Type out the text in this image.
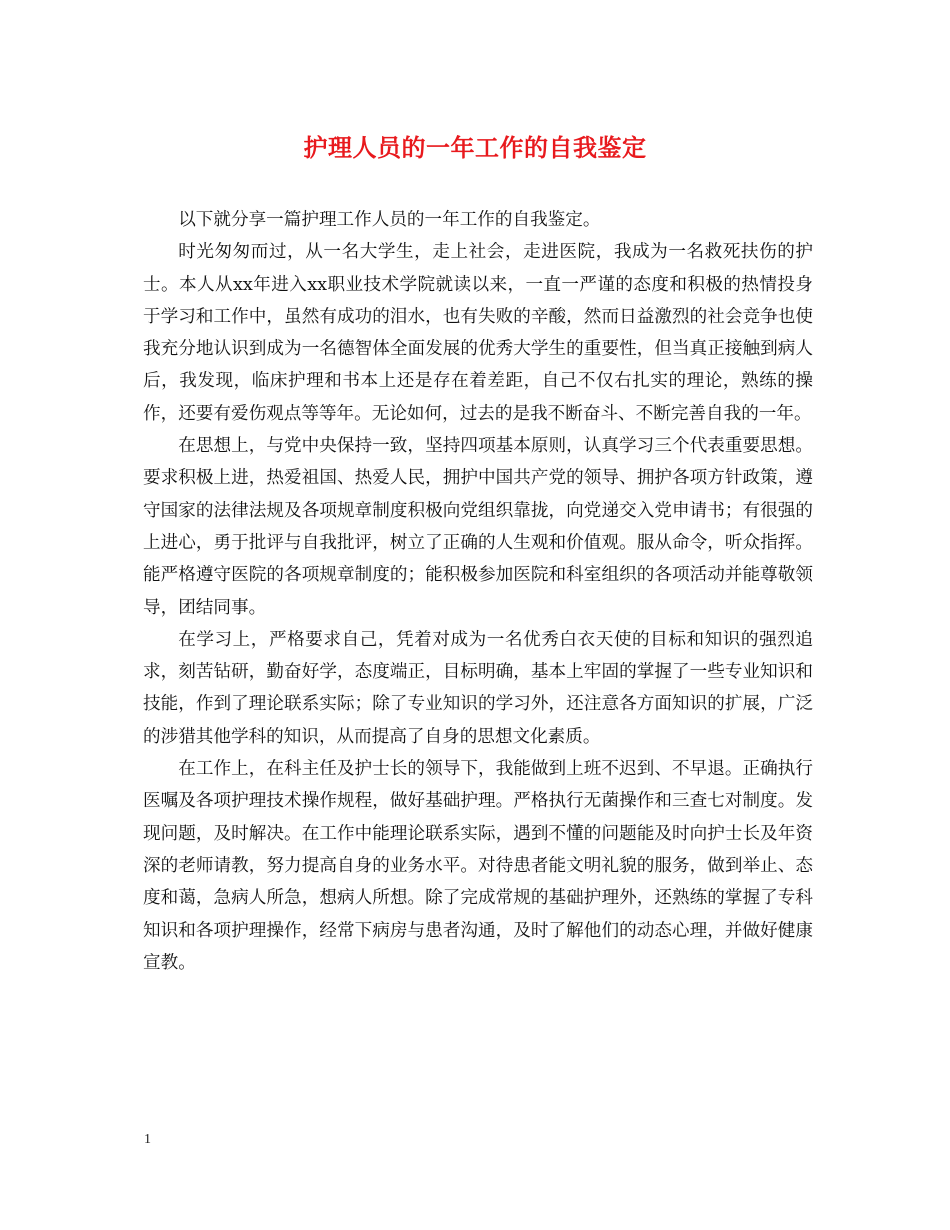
护理人员的一年工作的自我鉴定

以下就分享一篇护理工作人员的一年工作的自我鉴定。

时光匆匆而过，从一名大学生，走上社会，走进医院，我成为一名救死扶伤的护士。本人从xx年进入xx职业技术学院就读以来，一直一严谨的态度和积极的热情投身于学习和工作中，虽然有成功的泪水，也有失败的辛酸，然而日益激烈的社会竞争也使我充分地认识到成为一名德智体全面发展的优秀大学生的重要性，但当真正接触到病人后，我发现，临床护理和书本上还是存在着差距，自己不仅右扎实的理论，熟练的操作，还要有爱伤观点等等年。无论如何，过去的是我不断奋斗、不断完善自我的一年。

在思想上，与党中央保持一致，坚持四项基本原则，认真学习三个代表重要思想。要求积极上进，热爱祖国、热爱人民，拥护中国共产党的领导、拥护各项方针政策，遵守国家的法律法规及各项规章制度积极向党组织靠拢，向党递交入党申请书；有很强的上进心，勇于批评与自我批评，树立了正确的人生观和价值观。服从命令，听众指挥。能严格遵守医院的各项规章制度的；能积极参加医院和科室组织的各项活动并能尊敬领导，团结同事。

在学习上，严格要求自己，凭着对成为一名优秀白衣天使的目标和知识的强烈追求，刻苦钻研，勤奋好学，态度端正，目标明确，基本上牢固的掌握了一些专业知识和技能，作到了理论联系实际；除了专业知识的学习外，还注意各方面知识的扩展，广泛的涉猎其他学科的知识，从而提高了自身的思想文化素质。

在工作上，在科主任及护士长的领导下，我能做到上班不迟到、不早退。正确执行医嘱及各项护理技术操作规程，做好基础护理。严格执行无菌操作和三查七对制度。发现问题，及时解决。在工作中能理论联系实际，遇到不懂的问题能及时向护士长及年资深的老师请教，努力提高自身的业务水平。对待患者能文明礼貌的服务，做到举止、态度和蔼，急病人所急，想病人所想。除了完成常规的基础护理外，还熟练的掌握了专科知识和各项护理操作，经常下病房与患者沟通，及时了解他们的动态心理，并做好健康宣教。

1
